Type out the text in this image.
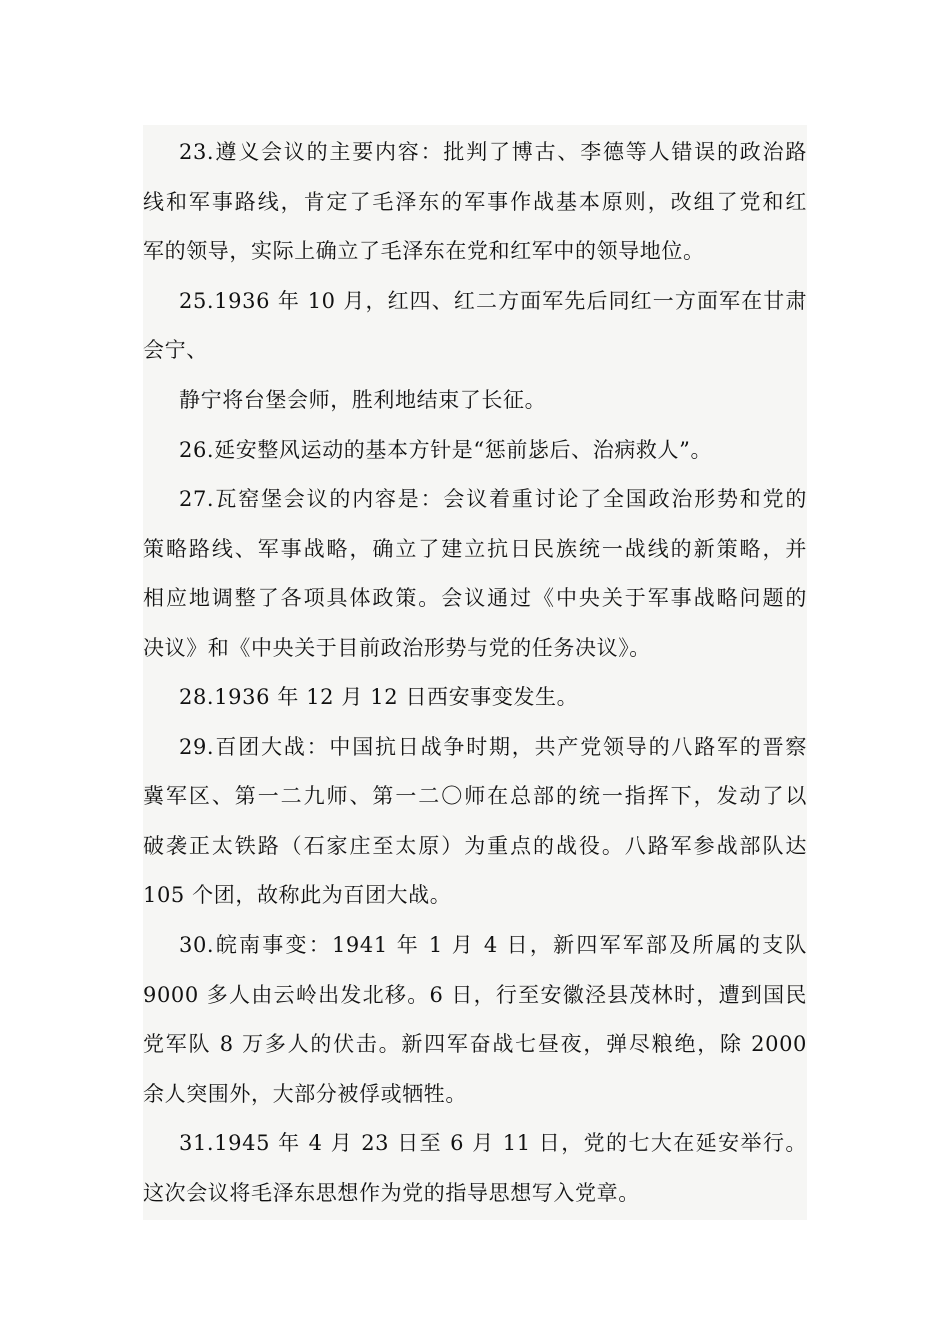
23.遵义会议的主要内容：批判了博古、李德等人错误的政治路
线和军事路线，肯定了毛泽东的军事作战基本原则，改组了党和红
军的领导，实际上确立了毛泽东在党和红军中的领导地位。
25.1936 年 10 月，红四、红二方面军先后同红一方面军在甘肃
会宁、
静宁将台堡会师，胜利地结束了长征。
26.延安整风运动的基本方针是“惩前毖后、治病救人”。
27.瓦窑堡会议的内容是：会议着重讨论了全国政治形势和党的
策略路线、军事战略，确立了建立抗日民族统一战线的新策略，并
相应地调整了各项具体政策。会议通过《中央关于军事战略问题的
决议》和《中央关于目前政治形势与党的任务决议》。
28.1936 年 12 月 12 日西安事变发生。
29.百团大战：中国抗日战争时期，共产党领导的八路军的晋察
冀军区、第一二九师、第一二〇师在总部的统一指挥下，发动了以
破袭正太铁路（石家庄至太原）为重点的战役。八路军参战部队达
105 个团，故称此为百团大战。
30.皖南事变：1941 年 1 月 4 日，新四军军部及所属的支队
9000 多人由云岭出发北移。6 日，行至安徽泾县茂林时，遭到国民
党军队 8 万多人的伏击。新四军奋战七昼夜，弹尽粮绝，除 2000
余人突围外，大部分被俘或牺牲。
31.1945 年 4 月 23 日至 6 月 11 日，党的七大在延安举行。
这次会议将毛泽东思想作为党的指导思想写入党章。
